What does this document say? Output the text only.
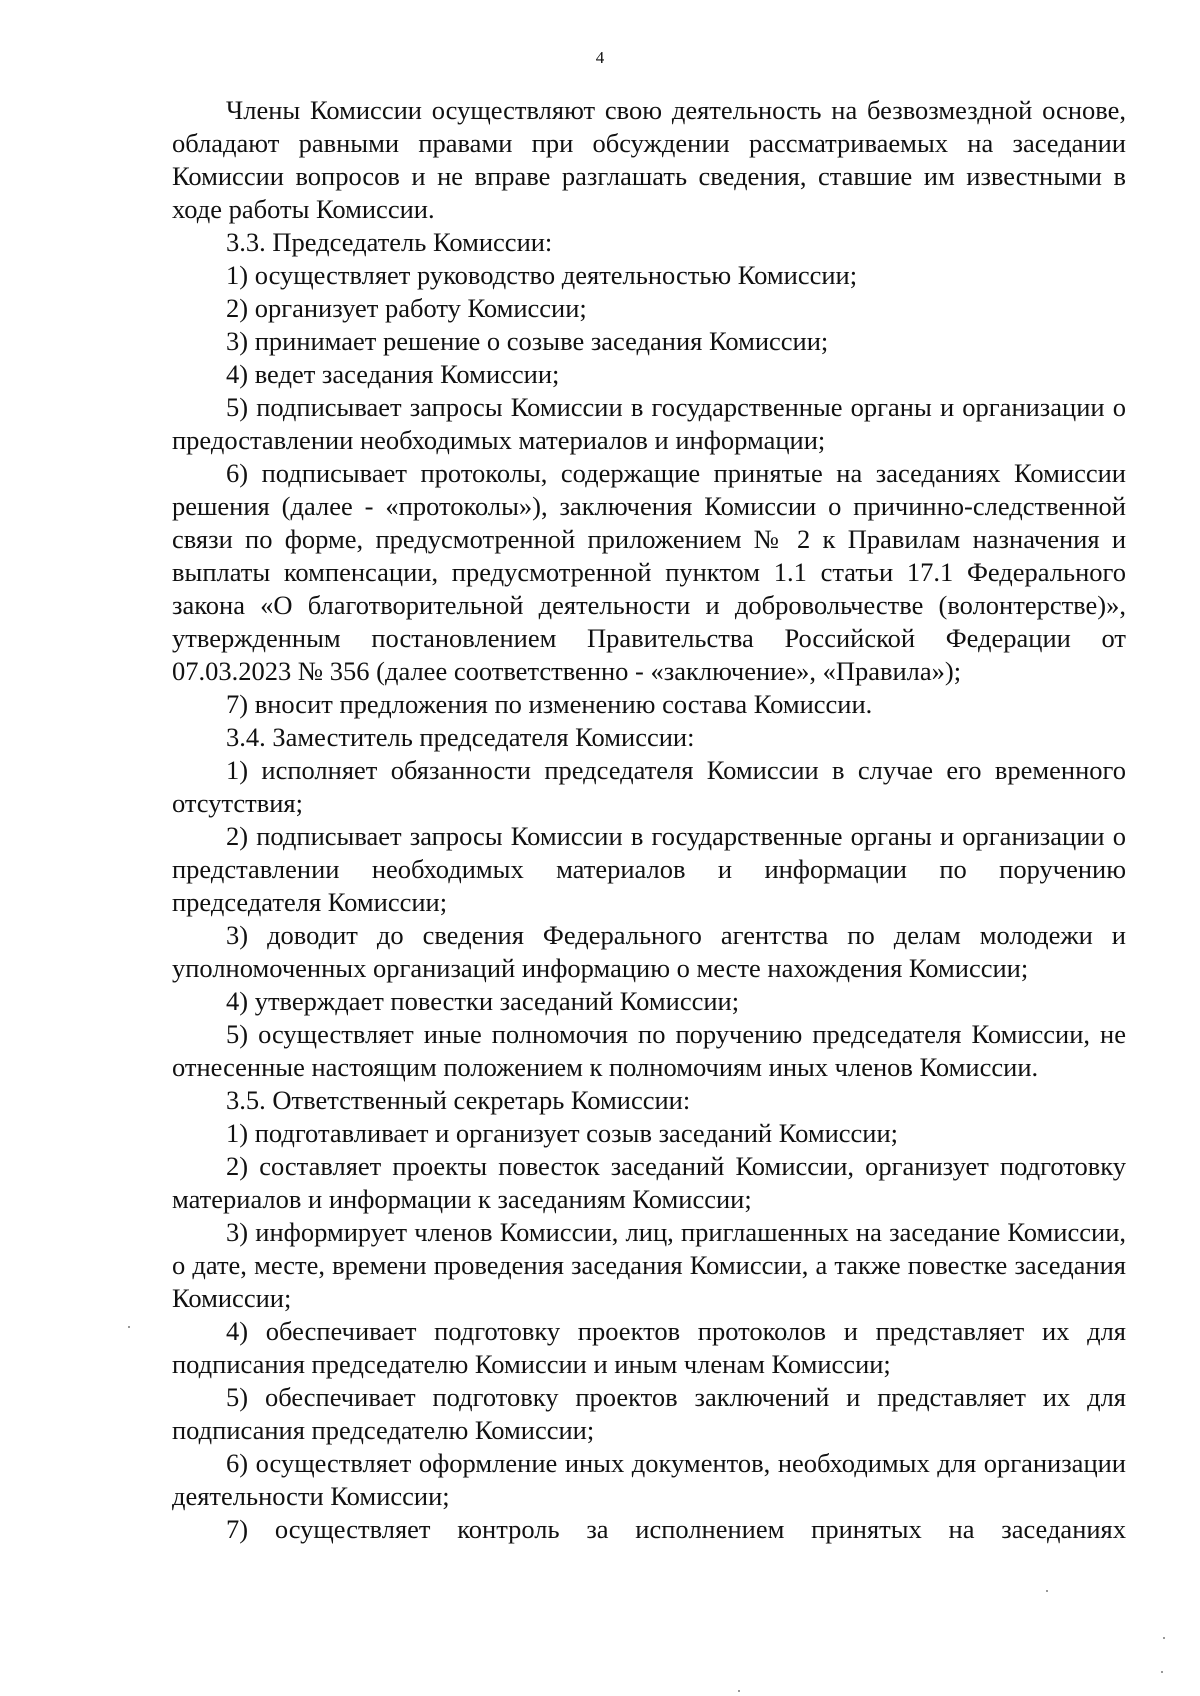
4

Члены Комиссии осуществляют свою деятельность на безвозмездной основе, обладают равными правами при обсуждении рассматриваемых на заседании Комиссии вопросов и не вправе разглашать сведения, ставшие им известными в ходе работы Комиссии.

3.3. Председатель Комиссии:

1) осуществляет руководство деятельностью Комиссии;

2) организует работу Комиссии;

3) принимает решение о созыве заседания Комиссии;

4) ведет заседания Комиссии;

5) подписывает запросы Комиссии в государственные органы и организации о предоставлении необходимых материалов и информации;

6) подписывает протоколы, содержащие принятые на заседаниях Комиссии решения (далее - «протоколы»), заключения Комиссии о причинно-следственной связи по форме, предусмотренной приложением № 2 к Правилам назначения и выплаты компенсации, предусмотренной пунктом 1.1 статьи 17.1 Федерального закона «О благотворительной деятельности и добровольчестве (волонтерстве)», утвержденным постановлением Правительства Российской Федерации от 07.03.2023 № 356 (далее соответственно - «заключение», «Правила»);

7) вносит предложения по изменению состава Комиссии.

3.4. Заместитель председателя Комиссии:

1) исполняет обязанности председателя Комиссии в случае его временного отсутствия;

2) подписывает запросы Комиссии в государственные органы и организации о представлении необходимых материалов и информации по поручению председателя Комиссии;

3) доводит до сведения Федерального агентства по делам молодежи и уполномоченных организаций информацию о месте нахождения Комиссии;

4) утверждает повестки заседаний Комиссии;

5) осуществляет иные полномочия по поручению председателя Комиссии, не отнесенные настоящим положением к полномочиям иных членов Комиссии.

3.5. Ответственный секретарь Комиссии:

1) подготавливает и организует созыв заседаний Комиссии;

2) составляет проекты повесток заседаний Комиссии, организует подготовку материалов и информации к заседаниям Комиссии;

3) информирует членов Комиссии, лиц, приглашенных на заседание Комиссии, о дате, месте, времени проведения заседания Комиссии, а также повестке заседания Комиссии;

4) обеспечивает подготовку проектов протоколов и представляет их для подписания председателю Комиссии и иным членам Комиссии;

5) обеспечивает подготовку проектов заключений и представляет их для подписания председателю Комиссии;

6) осуществляет оформление иных документов, необходимых для организации деятельности Комиссии;

7) осуществляет контроль за исполнением принятых на заседаниях
